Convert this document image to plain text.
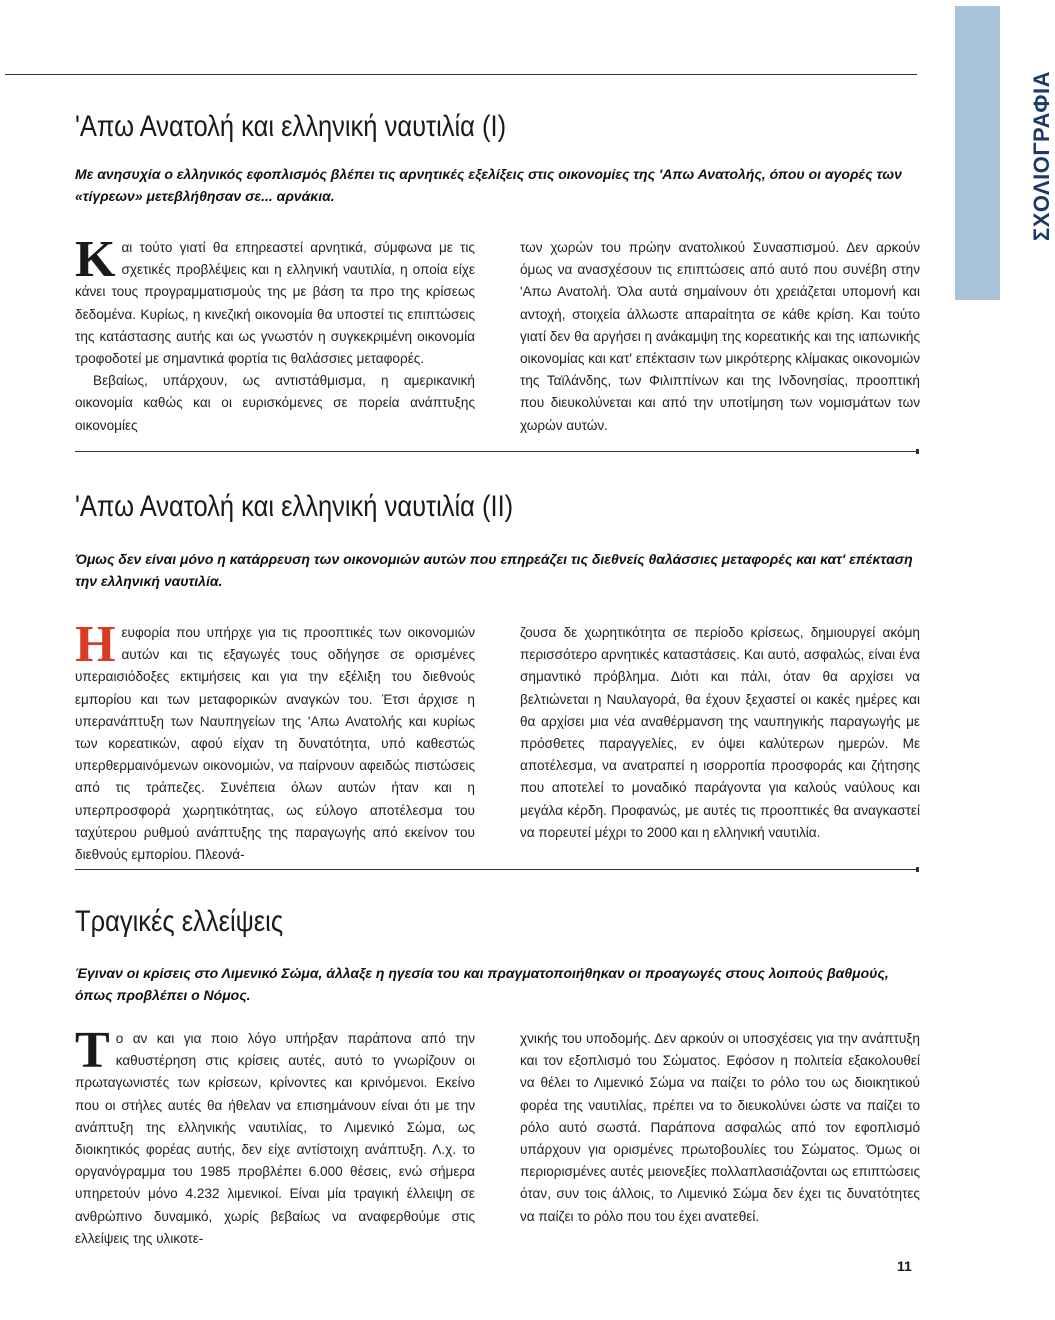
ΣΧΟΛΙΟΓΡΑΦΙΑ
'Απω Ανατολή και ελληνική ναυτιλία (Ι)

Με ανησυχία ο ελληνικός εφοπλισμός βλέπει τις αρνητικές εξελίξεις στις οικονομίες της 'Απω Ανατολής, όπου οι αγορές των «τίγρεων» μετεβλήθησαν σε... αρνάκια.

Και τούτο γιατί θα επηρεαστεί αρνητικά, σύμφωνα με τις σχετικές προβλέψεις και η ελληνική ναυτιλία, η οποία είχε κάνει τους προγραμματισμούς της με βάση τα προ της κρίσεως δεδομένα. Κυρίως, η κινεζική οικονομία θα υποστεί τις επιπτώσεις της κατάστασης αυτής και ως γνωστόν η συγκεκριμένη οικονομία τροφοδοτεί με σημαντικά φορτία τις θαλάσσιες μεταφορές.

Βεβαίως, υπάρχουν, ως αντιστάθμισμα, η αμερικανική οικονομία καθώς και οι ευρισκόμενες σε πορεία ανάπτυξης οικονομίες

των χωρών του πρώην ανατολικού Συνασπισμού. Δεν αρκούν όμως να ανασχέσουν τις επιπτώσεις από αυτό που συνέβη στην 'Απω Ανατολή. Όλα αυτά σημαίνουν ότι χρειάζεται υπομονή και αντοχή, στοιχεία άλλωστε απαραίτητα σε κάθε κρίση. Και τούτο γιατί δεν θα αργήσει η ανάκαμψη της κορεατικής και της ιαπωνικής οικονομίας και κατ' επέκτασιν των μικρότερης κλίμακας οικονομιών της Ταϊλάνδης, των Φιλιππίνων και της Ινδονησίας, προοπτική που διευκολύνεται και από την υποτίμηση των νομισμάτων των χωρών αυτών.

'Απω Ανατολή και ελληνική ναυτιλία (ΙΙ)

Όμως δεν είναι μόνο η κατάρρευση των οικονομιών αυτών που επηρεάζει τις διεθνείς θαλάσσιες μεταφορές και κατ' επέκταση την ελληνική ναυτιλία.

Ηευφορία που υπήρχε για τις προοπτικές των οικονομιών αυτών και τις εξαγωγές τους οδήγησε σε ορισμένες υπεραισιόδοξες εκτιμήσεις και για την εξέλιξη του διεθνούς εμπορίου και των μεταφορικών αναγκών του. Έτσι άρχισε η υπερανάπτυξη των Ναυπηγείων της 'Απω Ανατολής και κυρίως των κορεατικών, αφού είχαν τη δυνατότητα, υπό καθεστώς υπερθερμαινόμενων οικονομιών, να παίρνουν αφειδώς πιστώσεις από τις τράπεζες. Συνέπεια όλων αυτών ήταν και η υπερπροσφορά χωρητικότητας, ως εύλογο αποτέλεσμα του ταχύτερου ρυθμού ανάπτυξης της παραγωγής από εκείνον του διεθνούς εμπορίου. Πλεονά-

ζουσα δε χωρητικότητα σε περίοδο κρίσεως, δημιουργεί ακόμη περισσότερο αρνητικές καταστάσεις. Και αυτό, ασφαλώς, είναι ένα σημαντικό πρόβλημα. Διότι και πάλι, όταν θα αρχίσει να βελτιώνεται η Ναυλαγορά, θα έχουν ξεχαστεί οι κακές ημέρες και θα αρχίσει μια νέα αναθέρμανση της ναυπηγικής παραγωγής με πρόσθετες παραγγελίες, εν όψει καλύτερων ημερών. Με αποτέλεσμα, να ανατραπεί η ισορροπία προσφοράς και ζήτησης που αποτελεί το μοναδικό παράγοντα για καλούς ναύλους και μεγάλα κέρδη. Προφανώς, με αυτές τις προοπτικές θα αναγκαστεί να πορευτεί μέχρι το 2000 και η ελληνική ναυτιλία.

Τραγικές ελλείψεις

Έγιναν οι κρίσεις στο Λιμενικό Σώμα, άλλαξε η ηγεσία του και πραγματοποιήθηκαν οι προαγωγές στους λοιπούς βαθμούς, όπως προβλέπει ο Νόμος.

Το αν και για ποιο λόγο υπήρξαν παράπονα από την καθυστέρηση στις κρίσεις αυτές, αυτό το γνωρίζουν οι πρωταγωνιστές των κρίσεων, κρίνοντες και κρινόμενοι. Εκείνο που οι στήλες αυτές θα ήθελαν να επισημάνουν είναι ότι με την ανάπτυξη της ελληνικής ναυτιλίας, το Λιμενικό Σώμα, ως διοικητικός φορέας αυτής, δεν είχε αντίστοιχη ανάπτυξη. Λ.χ. το οργανόγραμμα του 1985 προβλέπει 6.000 θέσεις, ενώ σήμερα υπηρετούν μόνο 4.232 λιμενικοί. Είναι μία τραγική έλλειψη σε ανθρώπινο δυναμικό, χωρίς βεβαίως να αναφερθούμε στις ελλείψεις της υλικοτε-

χνικής του υποδομής. Δεν αρκούν οι υποσχέσεις για την ανάπτυξη και τον εξοπλισμό του Σώματος. Εφόσον η πολιτεία εξακολουθεί να θέλει το Λιμενικό Σώμα να παίζει το ρόλο του ως διοικητικού φορέα της ναυτιλίας, πρέπει να το διευκολύνει ώστε να παίζει το ρόλο αυτό σωστά. Παράπονα ασφαλώς από τον εφοπλισμό υπάρχουν για ορισμένες πρωτοβουλίες του Σώματος. Όμως οι περιορισμένες αυτές μειονεξίες πολλαπλασιάζονται ως επιπτώσεις όταν, συν τοις άλλοις, το Λιμενικό Σώμα δεν έχει τις δυνατότητες να παίζει το ρόλο που του έχει ανατεθεί.

11
